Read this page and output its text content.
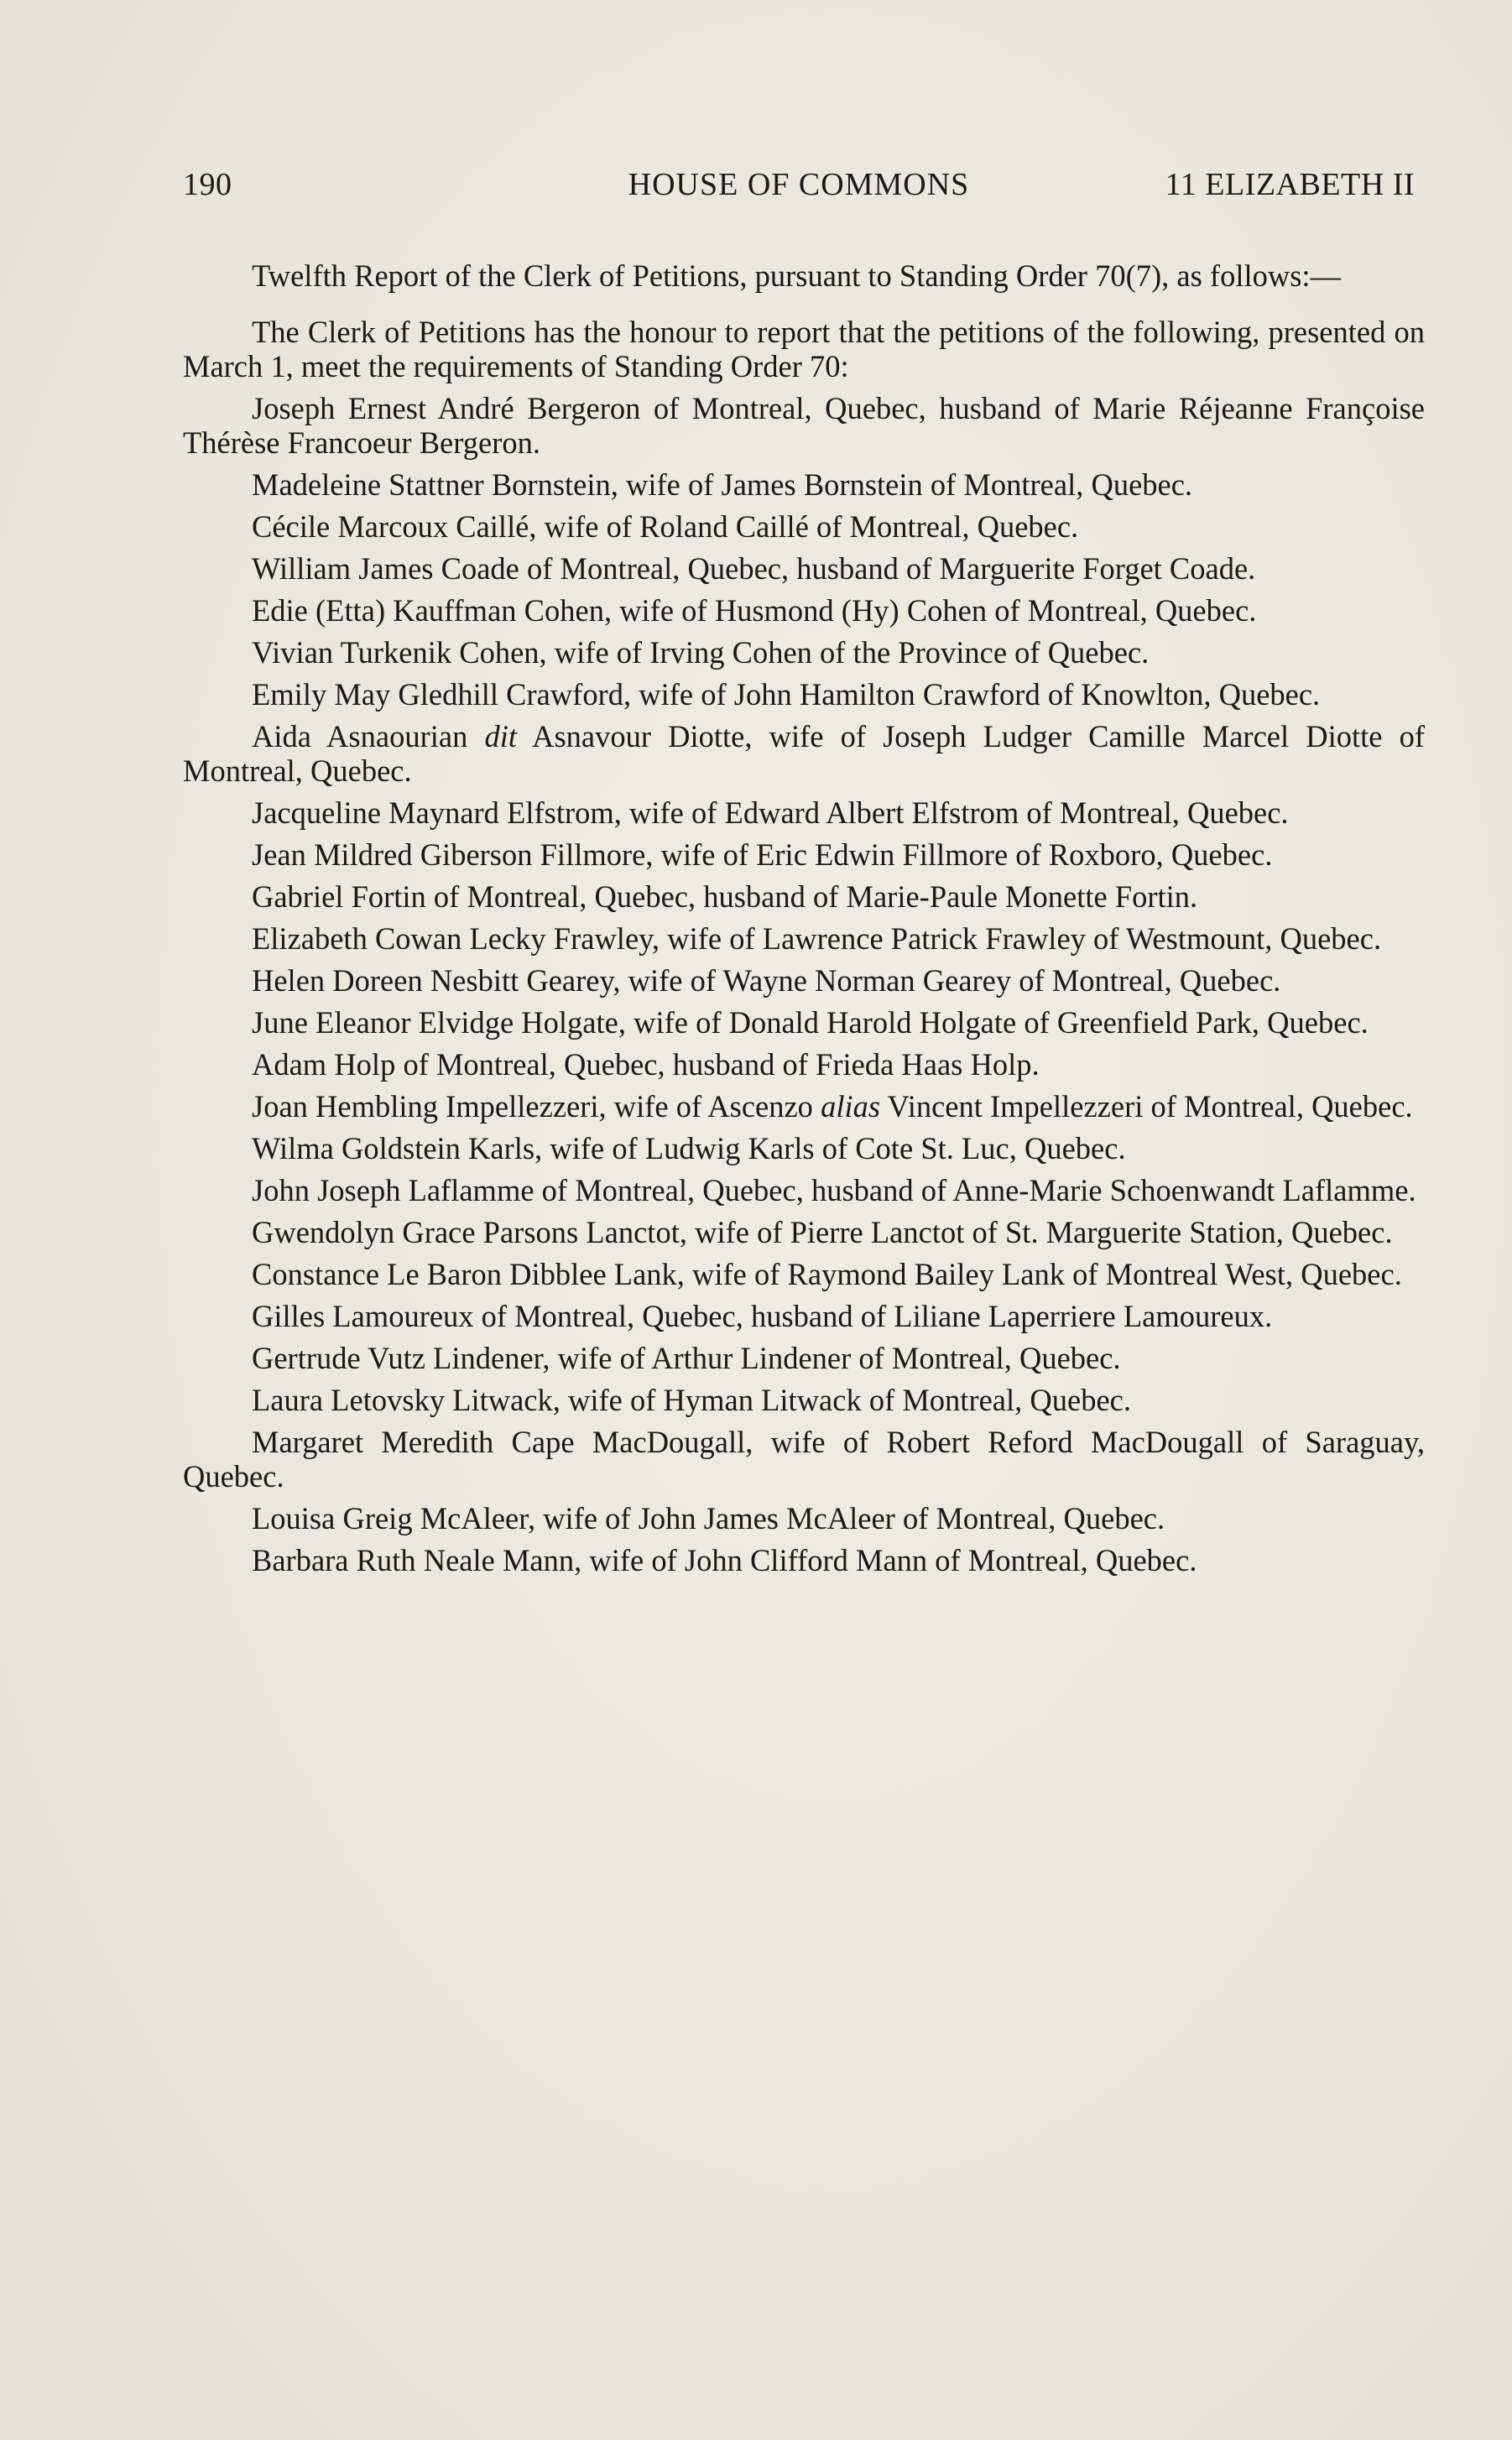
190	HOUSE OF COMMONS	11 ELIZABETH II

Twelfth Report of the Clerk of Petitions, pursuant to Standing Order 70(7), as follows:—

The Clerk of Petitions has the honour to report that the petitions of the following, presented on March 1, meet the requirements of Standing Order 70:

Joseph Ernest André Bergeron of Montreal, Quebec, husband of Marie Réjeanne Françoise Thérèse Francoeur Bergeron.

Madeleine Stattner Bornstein, wife of James Bornstein of Montreal, Quebec.

Cécile Marcoux Caillé, wife of Roland Caillé of Montreal, Quebec.

William James Coade of Montreal, Quebec, husband of Marguerite Forget Coade.

Edie (Etta) Kauffman Cohen, wife of Husmond (Hy) Cohen of Montreal, Quebec.

Vivian Turkenik Cohen, wife of Irving Cohen of the Province of Quebec.

Emily May Gledhill Crawford, wife of John Hamilton Crawford of Knowlton, Quebec.

Aida Asnaourian dit Asnavour Diotte, wife of Joseph Ludger Camille Marcel Diotte of Montreal, Quebec.

Jacqueline Maynard Elfstrom, wife of Edward Albert Elfstrom of Montreal, Quebec.

Jean Mildred Giberson Fillmore, wife of Eric Edwin Fillmore of Roxboro, Quebec.

Gabriel Fortin of Montreal, Quebec, husband of Marie-Paule Monette Fortin.

Elizabeth Cowan Lecky Frawley, wife of Lawrence Patrick Frawley of Westmount, Quebec.

Helen Doreen Nesbitt Gearey, wife of Wayne Norman Gearey of Montreal, Quebec.

June Eleanor Elvidge Holgate, wife of Donald Harold Holgate of Greenfield Park, Quebec.

Adam Holp of Montreal, Quebec, husband of Frieda Haas Holp.

Joan Hembling Impellezzeri, wife of Ascenzo alias Vincent Impellezzeri of Montreal, Quebec.

Wilma Goldstein Karls, wife of Ludwig Karls of Cote St. Luc, Quebec.

John Joseph Laflamme of Montreal, Quebec, husband of Anne-Marie Schoenwandt Laflamme.

Gwendolyn Grace Parsons Lanctot, wife of Pierre Lanctot of St. Marguerite Station, Quebec.

Constance Le Baron Dibblee Lank, wife of Raymond Bailey Lank of Montreal West, Quebec.

Gilles Lamoureux of Montreal, Quebec, husband of Liliane Laperriere Lamoureux.

Gertrude Vutz Lindener, wife of Arthur Lindener of Montreal, Quebec.

Laura Letovsky Litwack, wife of Hyman Litwack of Montreal, Quebec.

Margaret Meredith Cape MacDougall, wife of Robert Reford MacDougall of Saraguay, Quebec.

Louisa Greig McAleer, wife of John James McAleer of Montreal, Quebec.

Barbara Ruth Neale Mann, wife of John Clifford Mann of Montreal, Quebec.
